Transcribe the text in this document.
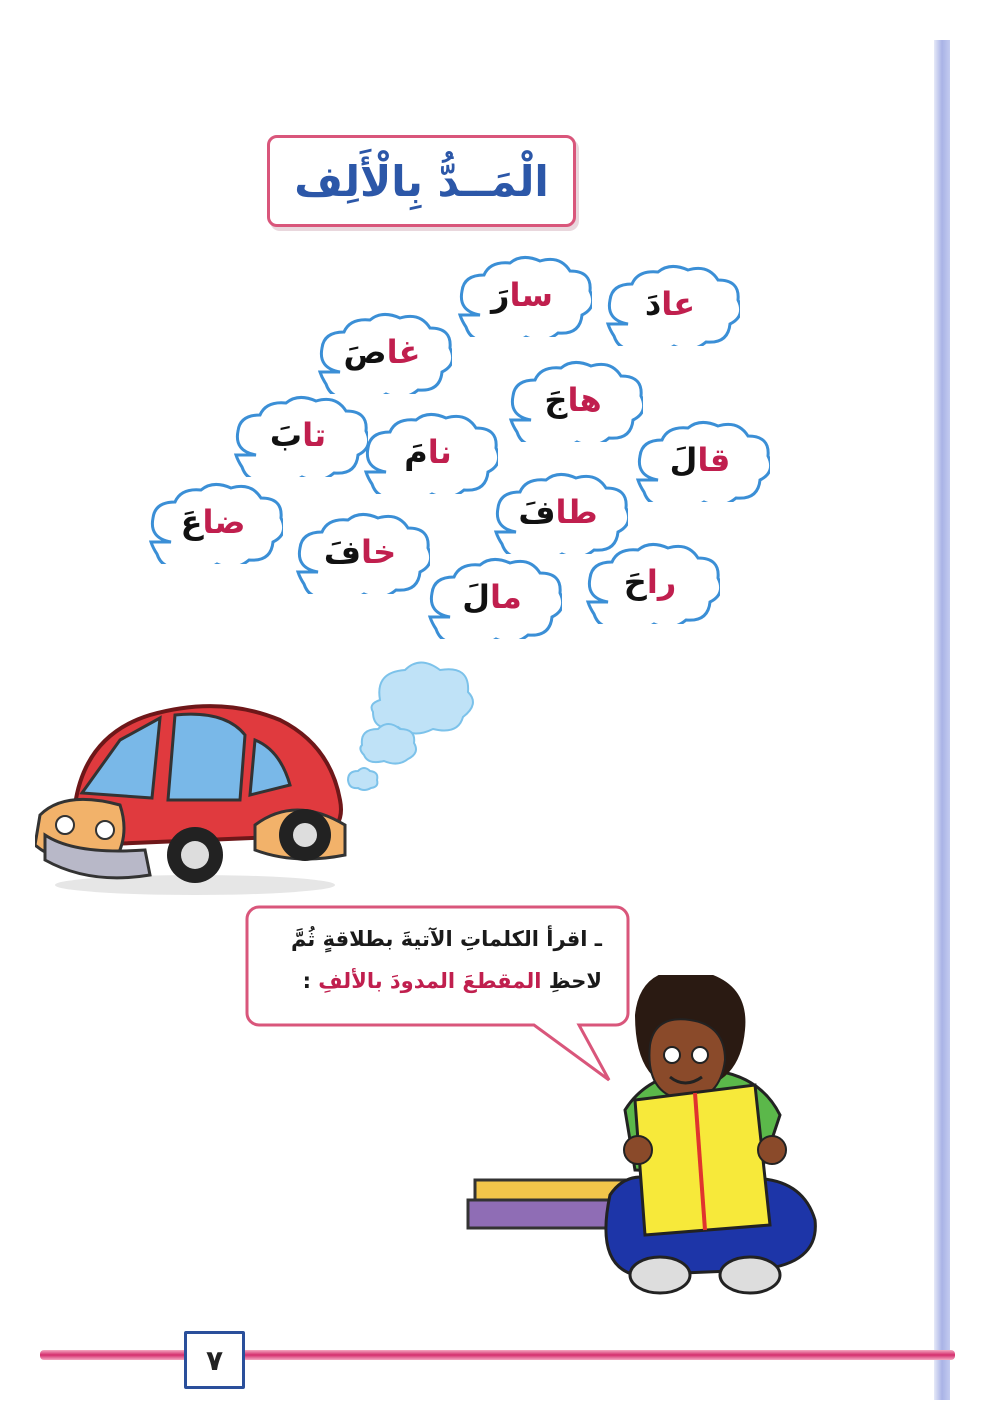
الْمَــدُّ بِالْأَلِف
عا
دَ
سا
رَ
غا
صَ
ها
جَ
قا
لَ
تا
بَ	نا
مَ
طا
فَ
ضا
عَ
خا
فَ
را
حَ
ما
لَ
ـ اقرأ الكلماتِ الآتيةَ بطلاقةٍ ثُمَّ
لاحظِ المقطعَ المدودَ بالألفِ :
٧
